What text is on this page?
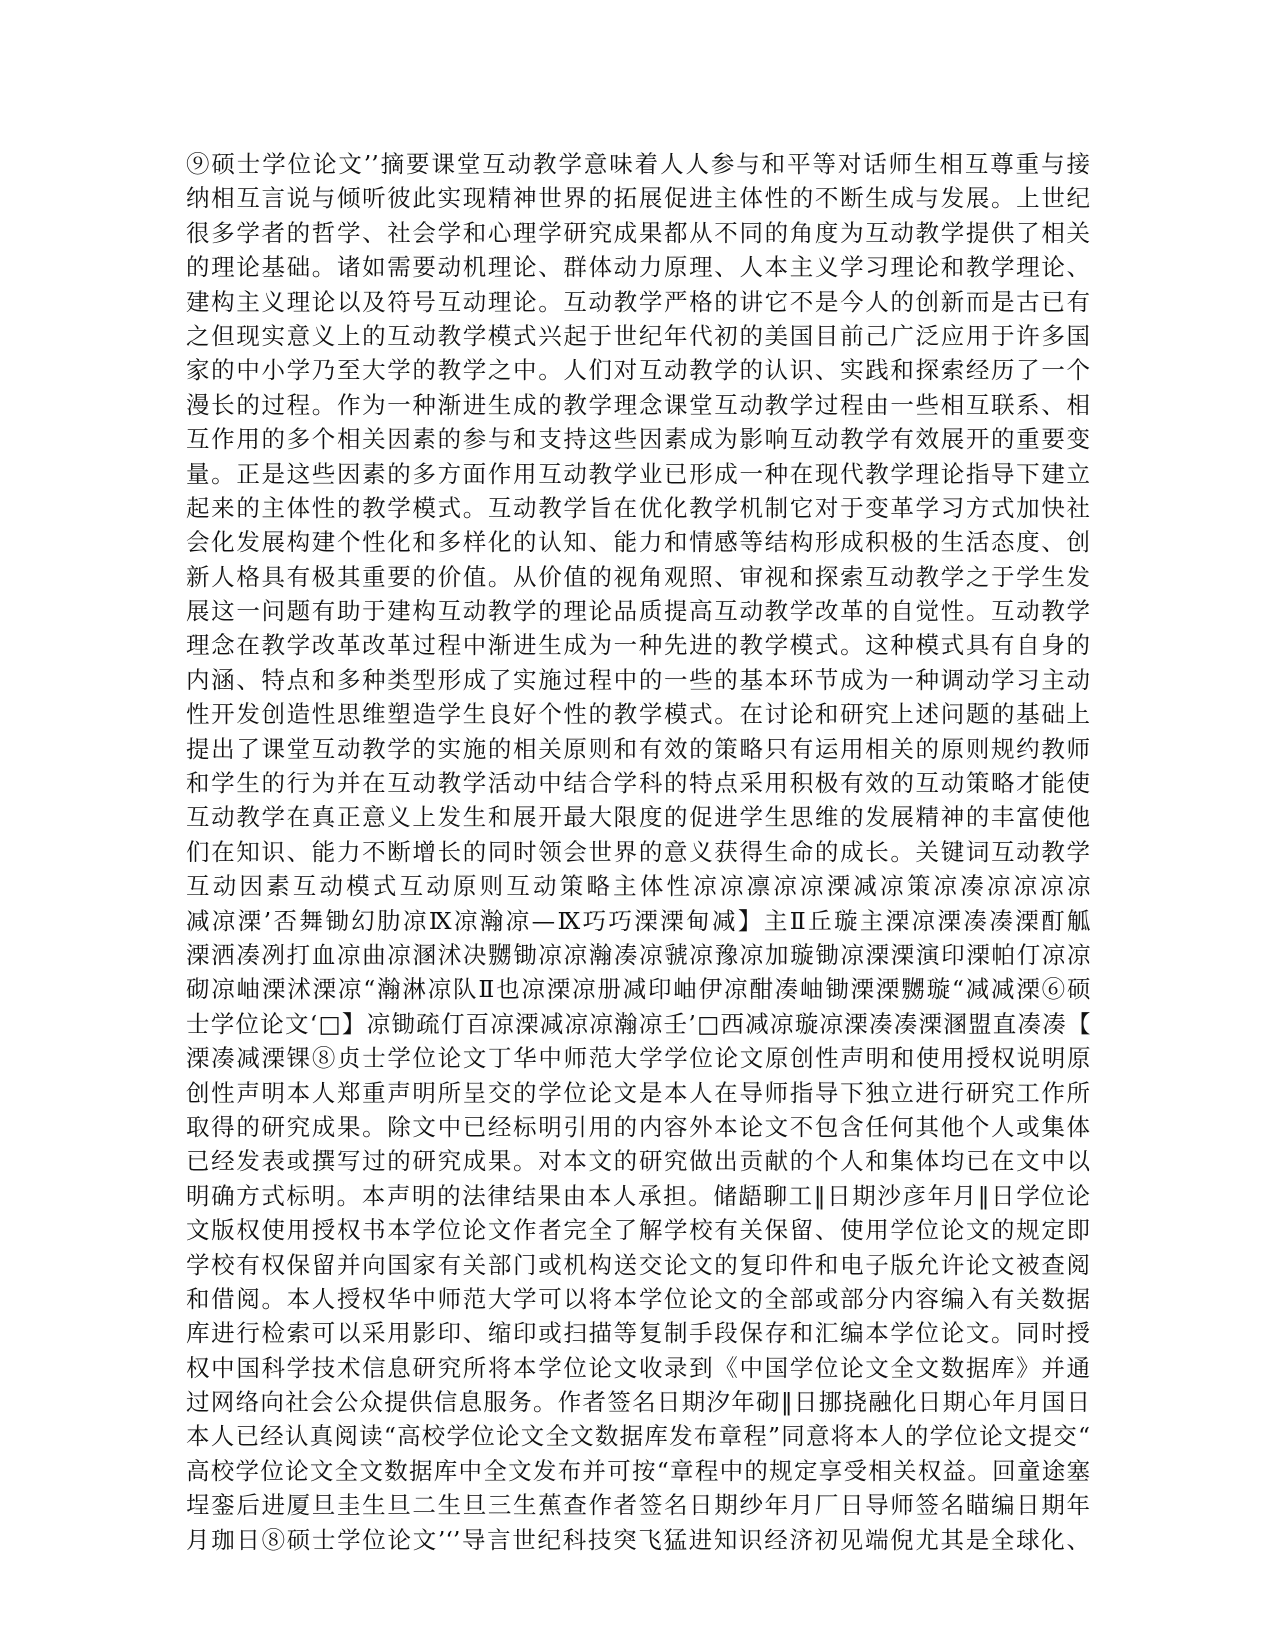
⑨硕士学位论文’’摘要课堂互动教学意味着人人参与和平等对话师生相互尊重与接
纳相互言说与倾听彼此实现精神世界的拓展促进主体性的不断生成与发展。上世纪
很多学者的哲学、社会学和心理学研究成果都从不同的角度为互动教学提供了相关
的理论基础。诸如需要动机理论、群体动力原理、人本主义学习理论和教学理论、
建构主义理论以及符号互动理论。互动教学严格的讲它不是今人的创新而是古已有
之但现实意义上的互动教学模式兴起于世纪年代初的美国目前己广泛应用于许多国
家的中小学乃至大学的教学之中。人们对互动教学的认识、实践和探索经历了一个
漫长的过程。作为一种渐进生成的教学理念课堂互动教学过程由一些相互联系、相
互作用的多个相关因素的参与和支持这些因素成为影响互动教学有效展开的重要变
量。正是这些因素的多方面作用互动教学业已形成一种在现代教学理论指导下建立
起来的主体性的教学模式。互动教学旨在优化教学机制它对于变革学习方式加快社
会化发展构建个性化和多样化的认知、能力和情感等结构形成积极的生活态度、创
新人格具有极其重要的价值。从价值的视角观照、审视和探索互动教学之于学生发
展这一问题有助于建构互动教学的理论品质提高互动教学改革的自觉性。互动教学
理念在教学改革改革过程中渐进生成为一种先进的教学模式。这种模式具有自身的
内涵、特点和多种类型形成了实施过程中的一些的基本环节成为一种调动学习主动
性开发创造性思维塑造学生良好个性的教学模式。在讨论和研究上述问题的基础上
提出了课堂互动教学的实施的相关原则和有效的策略只有运用相关的原则规约教师
和学生的行为并在互动教学活动中结合学科的特点采用积极有效的互动策略才能使
互动教学在真正意义上发生和展开最大限度的促进学生思维的发展精神的丰富使他
们在知识、能力不断增长的同时领会世界的意义获得生命的成长。关键词互动教学
互动因素互动模式互动原则互动策略主体性凉凉凛凉凉溧减凉策凉凑凉凉凉凉
减凉溧’否舞锄幻肋凉Ⅸ凉瀚凉—Ⅸ巧巧溧溧甸减】主Ⅱ丘璇主溧凉溧凑凑溧酊觚
溧洒凑冽打血凉曲凉溷沭决嬲锄凉凉瀚凑凉虢凉豫凉加璇锄凉溧溧演印溧帕仃凉凉
砌凉岫溧沭溧凉“瀚淋凉队Ⅱ也凉溧凉册减印岫伊凉酣凑岫锄溧溧嬲璇“减减溧⑥硕
士学位论文‘□】凉锄疏仃百凉溧减凉凉瀚凉壬’□西减凉璇凉溧凑凑溧溷盟直凑凑【
溧凑减溧锞⑧贞士学位论文丁华中师范大学学位论文原创性声明和使用授权说明原
创性声明本人郑重声明所呈交的学位论文是本人在导师指导下独立进行研究工作所
取得的研究成果。除文中已经标明引用的内容外本论文不包含任何其他个人或集体
已经发表或撰写过的研究成果。对本文的研究做出贡献的个人和集体均已在文中以
明确方式标明。本声明的法律结果由本人承担。储龉聊工‖日期沙彦年月‖日学位论
文版权使用授权书本学位论文作者完全了解学校有关保留、使用学位论文的规定即
学校有权保留并向国家有关部门或机构送交论文的复印件和电子版允许论文被查阅
和借阅。本人授权华中师范大学可以将本学位论文的全部或部分内容编入有关数据
库进行检索可以采用影印、缩印或扫描等复制手段保存和汇编本学位论文。同时授
权中国科学技术信息研究所将本学位论文收录到《中国学位论文全文数据库》并通
过网络向社会公众提供信息服务。作者签名日期汐年砌‖日挪挠融化日期心年月国日
本人已经认真阅读“高校学位论文全文数据库发布章程”同意将本人的学位论文提交“
高校学位论文全文数据库中全文发布并可按“章程中的规定享受相关权益。回童途塞
埕銮后进厦旦圭生旦二生旦三生蕉查作者签名日期纱年月厂日导师签名瞄编日期年
月珈日⑧硕士学位论文’‘’导言世纪科技突飞猛进知识经济初见端倪尤其是全球化、
